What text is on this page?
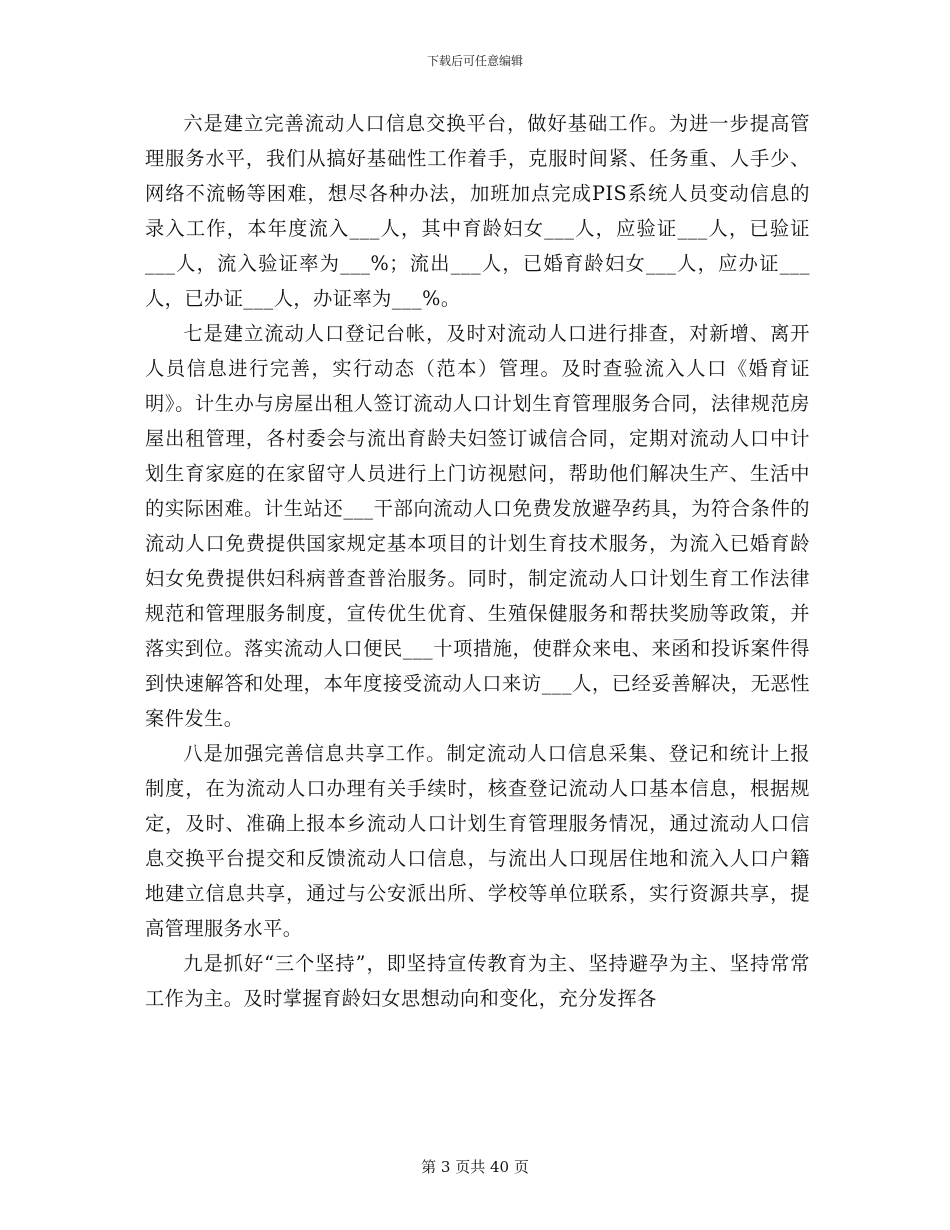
下载后可任意编辑

六是建立完善流动人口信息交换平台，做好基础工作。为进一步提高管理服务水平，我们从搞好基础性工作着手，克服时间紧、任务重、人手少、网络不流畅等困难，想尽各种办法，加班加点完成PIS系统人员变动信息的录入工作，本年度流入___人，其中育龄妇女___人，应验证___人，已验证___人，流入验证率为___%；流出___人，已婚育龄妇女___人，应办证___人，已办证___人，办证率为___%。

七是建立流动人口登记台帐，及时对流动人口进行排查，对新增、离开人员信息进行完善，实行动态（范本）管理。及时查验流入人口《婚育证明》。计生办与房屋出租人签订流动人口计划生育管理服务合同，法律规范房屋出租管理，各村委会与流出育龄夫妇签订诚信合同，定期对流动人口中计划生育家庭的在家留守人员进行上门访视慰问，帮助他们解决生产、生活中的实际困难。计生站还___干部向流动人口免费发放避孕药具，为符合条件的流动人口免费提供国家规定基本项目的计划生育技术服务，为流入已婚育龄妇女免费提供妇科病普查普治服务。同时，制定流动人口计划生育工作法律规范和管理服务制度，宣传优生优育、生殖保健服务和帮扶奖励等政策，并落实到位。落实流动人口便民___十项措施，使群众来电、来函和投诉案件得到快速解答和处理，本年度接受流动人口来访___人，已经妥善解决，无恶性案件发生。

八是加强完善信息共享工作。制定流动人口信息采集、登记和统计上报制度，在为流动人口办理有关手续时，核查登记流动人口基本信息，根据规定，及时、准确上报本乡流动人口计划生育管理服务情况，通过流动人口信息交换平台提交和反馈流动人口信息，与流出人口现居住地和流入人口户籍地建立信息共享，通过与公安派出所、学校等单位联系，实行资源共享，提高管理服务水平。

九是抓好“三个坚持”，即坚持宣传教育为主、坚持避孕为主、坚持常常工作为主。及时掌握育龄妇女思想动向和变化，充分发挥各

第 3 页共 40 页
